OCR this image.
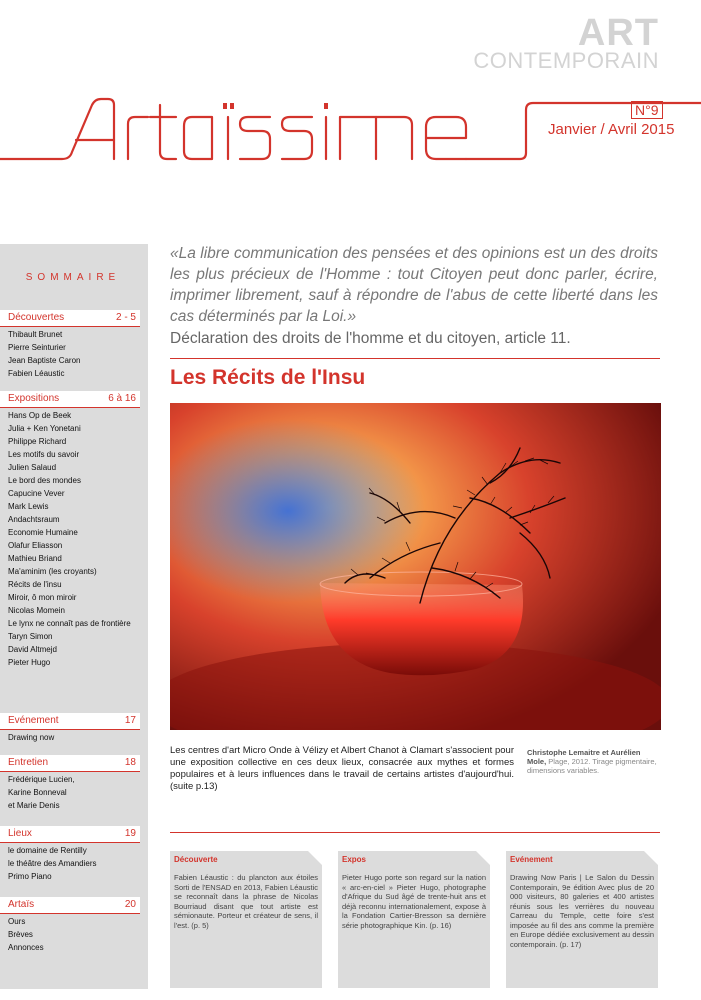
ART
CONTEMPORAIN
N°9
Janvier / Avril 2015
SOMMAIRE
Découvertes	2 - 5
Thibault Brunet
Pierre Seinturier
Jean Baptiste Caron
Fabien Léaustic
Expositions	6 à 16
Hans Op de Beek
Julia + Ken Yonetani
Philippe Richard
Les motifs du savoir
Julien Salaud
Le bord des mondes
Capucine Vever
Mark Lewis
Andachtsraum
Economie Humaine
Olafur Eliasson
Mathieu Briand
Ma'aminim (les croyants)
Récits de l'insu
Miroir, ô mon miroir
Nicolas Momein
Le lynx ne connaît pas de frontière
Taryn Simon
David Altmejd
Pieter Hugo
Evénement	17
Drawing now
Entretien	18
Frédérique Lucien,
Karine Bonneval
et Marie Denis
Lieux	19
le domaine de Rentilly
le théâtre des Amandiers
Primo Piano
Artaïs	20
Ours
Brèves
Annonces
«La libre communication des pensées et des opinions est un des droits les plus précieux de l'Homme : tout Citoyen peut donc parler, écrire, imprimer librement, sauf à répondre de l'abus de cette liberté dans les cas déterminés par la Loi.»
Déclaration des droits de l'homme et du citoyen, article 11.
Les Récits de l'Insu
Les centres d'art Micro Onde à Vélizy et Albert Chanot à Clamart s'associent pour une exposition collective en ces deux lieux, consacrée aux mythes et formes populaires et à leurs influences dans le travail de certains artistes d'aujourd'hui. (suite p.13)
Christophe Lemaitre et Aurélien Mole, Plage, 2012. Tirage pigmentaire, dimensions variables.
Découverte
Fabien Léaustic : du plancton aux étoiles Sorti de l'ENSAD en 2013, Fabien Léaustic se reconnaît dans la phrase de Nicolas Bourriaud disant que tout artiste est sémionaute. Porteur et créateur de sens, il l'est. (p. 5)
Expos
Pieter Hugo porte son regard sur la nation « arc-en-ciel » Pieter Hugo, photographe d'Afrique du Sud âgé de trente-huit ans et déjà reconnu internationalement, expose à la Fondation Cartier-Bresson sa dernière série photographique Kin. (p. 16)
Evénement
Drawing Now Paris | Le Salon du Dessin Contemporain, 9e édition Avec plus de 20 000 visiteurs, 80 galeries et 400 artistes réunis sous les verrières du nouveau Carreau du Temple, cette foire s'est imposée au fil des ans comme la première en Europe dédiée exclusivement au dessin contemporain. (p. 17)
